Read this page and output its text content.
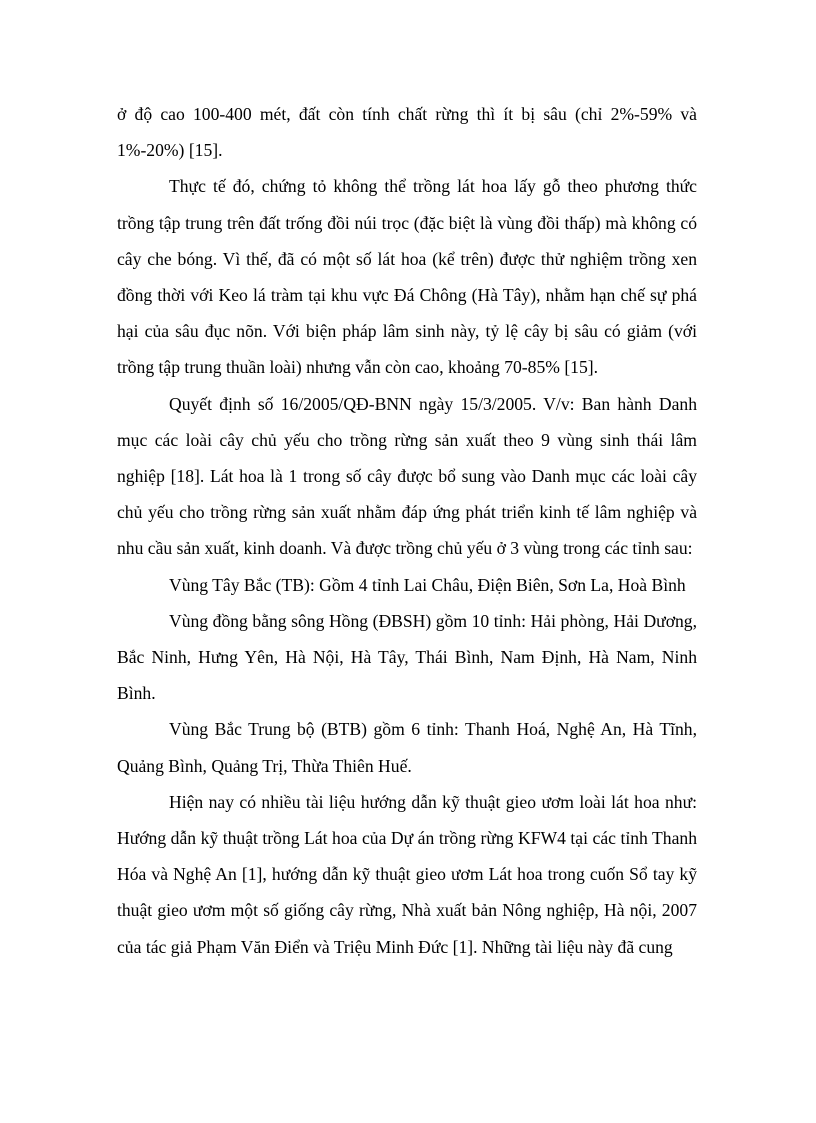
ở độ cao 100-400 mét, đất còn tính chất rừng thì ít bị sâu (chỉ 2%-59% và 1%-20%) [15].

Thực tế đó, chứng tỏ không thể trồng lát hoa lấy gỗ theo phương thức trồng tập trung trên đất trống đồi núi trọc (đặc biệt là vùng đồi thấp) mà không có cây che bóng. Vì thế, đã có một số lát hoa (kể trên) được thử nghiệm trồng xen đồng thời với Keo lá tràm tại khu vực Đá Chông (Hà Tây), nhằm hạn chế sự phá hại của sâu đục nõn. Với biện pháp lâm sinh này, tỷ lệ cây bị sâu có giảm (với trồng tập trung thuần loài) nhưng vẫn còn cao, khoảng 70-85% [15].

Quyết định số 16/2005/QĐ-BNN ngày 15/3/2005. V/v: Ban hành Danh mục các loài cây chủ yếu cho trồng rừng sản xuất theo 9 vùng sinh thái lâm nghiệp [18]. Lát hoa là 1 trong số cây được bổ sung vào Danh mục các loài cây chủ yếu cho trồng rừng sản xuất nhằm đáp ứng phát triển kinh tế lâm nghiệp và nhu cầu sản xuất, kinh doanh. Và được trồng chủ yếu ở 3 vùng trong các tỉnh sau:

Vùng Tây Bắc (TB): Gồm 4 tỉnh Lai Châu, Điện Biên, Sơn La, Hoà Bình

Vùng đồng bằng sông Hồng (ĐBSH) gồm 10 tỉnh: Hải phòng, Hải Dương, Bắc Ninh, Hưng Yên, Hà Nội, Hà Tây, Thái Bình, Nam Định, Hà Nam, Ninh Bình.

Vùng Bắc Trung bộ (BTB) gồm 6 tỉnh: Thanh Hoá, Nghệ An, Hà Tĩnh, Quảng Bình, Quảng Trị, Thừa Thiên Huế.

Hiện nay có nhiều tài liệu hướng dẫn kỹ thuật gieo ươm loài lát hoa như: Hướng dẫn kỹ thuật trồng Lát hoa của Dự án trồng rừng KFW4 tại các tỉnh Thanh Hóa và Nghệ An [1], hướng dẫn kỹ thuật gieo ươm Lát hoa trong cuốn Sổ tay kỹ thuật gieo ươm một số giống cây rừng, Nhà xuất bản Nông nghiệp, Hà nội, 2007 của tác giả Phạm Văn Điển và Triệu Minh Đức [1]. Những tài liệu này đã cung
